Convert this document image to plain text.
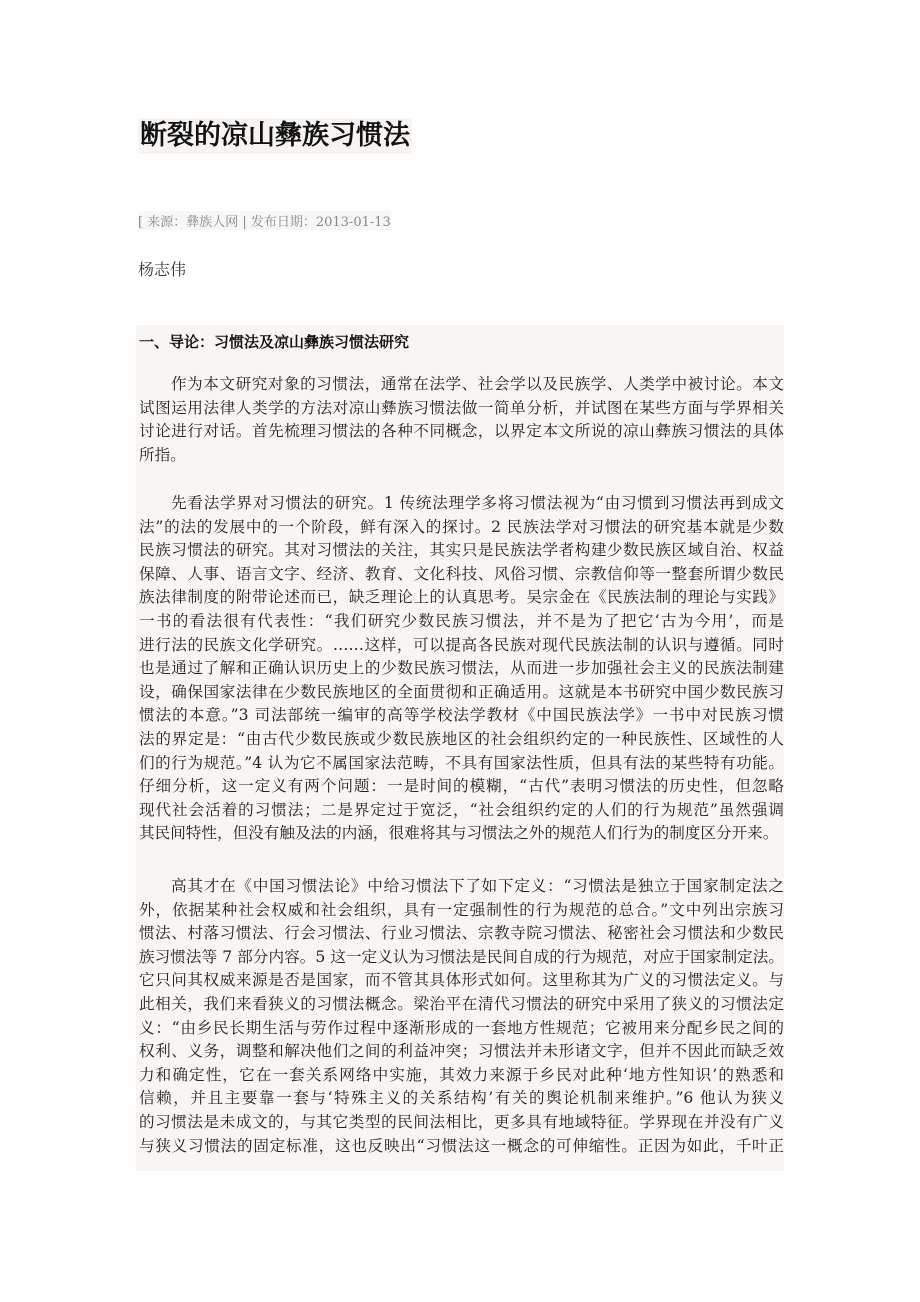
断裂的凉山彝族习惯法
[ 来源：彝族人网 | 发布日期：2013-01-13
杨志伟
一、导论：习惯法及凉山彝族习惯法研究
作为本文研究对象的习惯法，通常在法学、社会学以及民族学、人类学中被讨论。本文
试图运用法律人类学的方法对凉山彝族习惯法做一简单分析，并试图在某些方面与学界相关
讨论进行对话。首先梳理习惯法的各种不同概念，以界定本文所说的凉山彝族习惯法的具体
所指。
先看法学界对习惯法的研究。1 传统法理学多将习惯法视为“由习惯到习惯法再到成文
法”的法的发展中的一个阶段，鲜有深入的探讨。2 民族法学对习惯法的研究基本就是少数
民族习惯法的研究。其对习惯法的关注，其实只是民族法学者构建少数民族区域自治、权益
保障、人事、语言文字、经济、教育、文化科技、风俗习惯、宗教信仰等一整套所谓少数民
族法律制度的附带论述而已，缺乏理论上的认真思考。吴宗金在《民族法制的理论与实践》
一书的看法很有代表性：“我们研究少数民族习惯法，并不是为了把它‘古为今用’，而是
进行法的民族文化学研究。……这样，可以提高各民族对现代民族法制的认识与遵循。同时
也是通过了解和正确认识历史上的少数民族习惯法，从而进一步加强社会主义的民族法制建
设，确保国家法律在少数民族地区的全面贯彻和正确适用。这就是本书研究中国少数民族习
惯法的本意。”3 司法部统一编审的高等学校法学教材《中国民族法学》一书中对民族习惯
法的界定是：“由古代少数民族或少数民族地区的社会组织约定的一种民族性、区域性的人
们的行为规范。”4 认为它不属国家法范畴，不具有国家法性质，但具有法的某些特有功能。
仔细分析，这一定义有两个问题：一是时间的模糊，“古代”表明习惯法的历史性，但忽略
现代社会活着的习惯法；二是界定过于宽泛，“社会组织约定的人们的行为规范”虽然强调
其民间特性，但没有触及法的内涵，很难将其与习惯法之外的规范人们行为的制度区分开来。
高其才在《中国习惯法论》中给习惯法下了如下定义：“习惯法是独立于国家制定法之
外，依据某种社会权威和社会组织，具有一定强制性的行为规范的总合。”文中列出宗族习
惯法、村落习惯法、行会习惯法、行业习惯法、宗教寺院习惯法、秘密社会习惯法和少数民
族习惯法等 7 部分内容。5 这一定义认为习惯法是民间自成的行为规范，对应于国家制定法。
它只问其权威来源是否是国家，而不管其具体形式如何。这里称其为广义的习惯法定义。与
此相关，我们来看狭义的习惯法概念。梁治平在清代习惯法的研究中采用了狭义的习惯法定
义：“由乡民长期生活与劳作过程中逐渐形成的一套地方性规范；它被用来分配乡民之间的
权利、义务，调整和解决他们之间的利益冲突；习惯法并未形诸文字，但并不因此而缺乏效
力和确定性，它在一套关系网络中实施，其效力来源于乡民对此种‘地方性知识’的熟悉和
信赖，并且主要靠一套与‘特殊主义的关系结构’有关的舆论机制来维护。”6 他认为狭义
的习惯法是未成文的，与其它类型的民间法相比，更多具有地域特征。学界现在并没有广义
与狭义习惯法的固定标准，这也反映出“习惯法这一概念的可伸缩性。正因为如此，千叶正
